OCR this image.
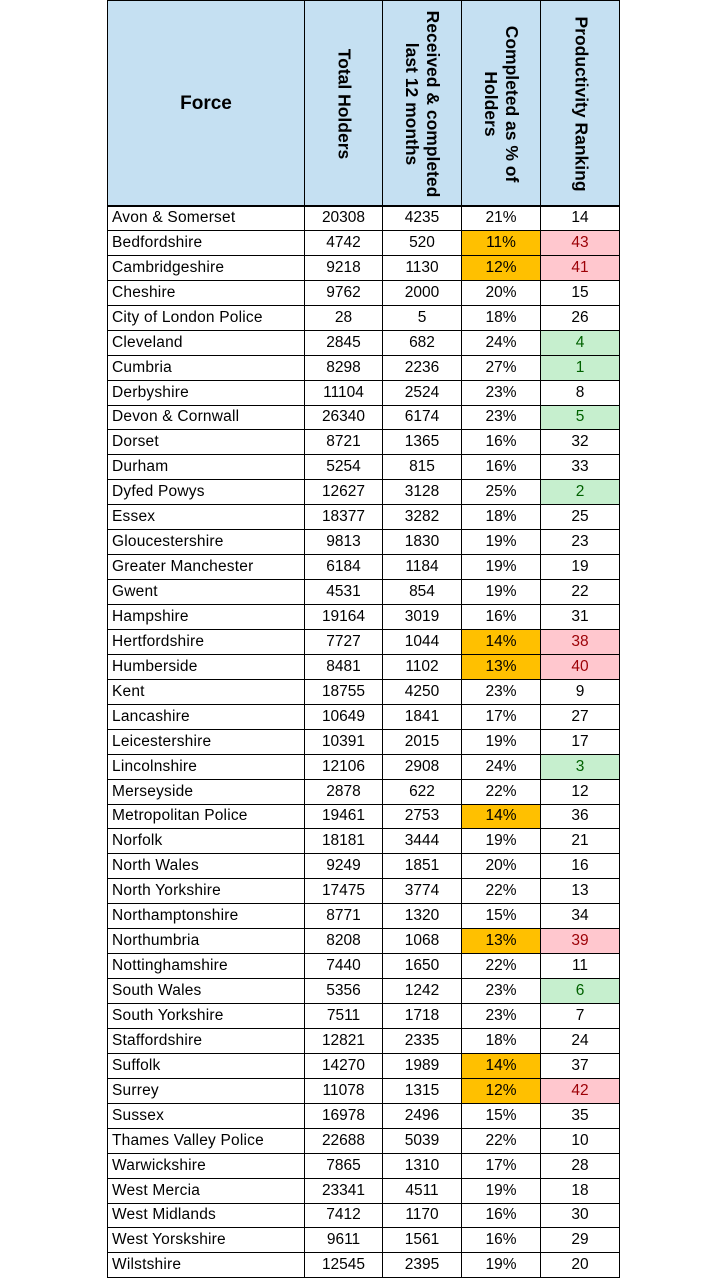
Force	Total Holders	Received & completed last 12 months	Completed as % of Holders	Productivity Ranking
Avon & Somerset	20308	4235	21%	14
Bedfordshire	4742	520	11%	43
Cambridgeshire	9218	1130	12%	41
Cheshire	9762	2000	20%	15
City of London Police	28	5	18%	26
Cleveland	2845	682	24%	4
Cumbria	8298	2236	27%	1
Derbyshire	11104	2524	23%	8
Devon & Cornwall	26340	6174	23%	5
Dorset	8721	1365	16%	32
Durham	5254	815	16%	33
Dyfed Powys	12627	3128	25%	2
Essex	18377	3282	18%	25
Gloucestershire	9813	1830	19%	23
Greater Manchester	6184	1184	19%	19
Gwent	4531	854	19%	22
Hampshire	19164	3019	16%	31
Hertfordshire	7727	1044	14%	38
Humberside	8481	1102	13%	40
Kent	18755	4250	23%	9
Lancashire	10649	1841	17%	27
Leicestershire	10391	2015	19%	17
Lincolnshire	12106	2908	24%	3
Merseyside	2878	622	22%	12
Metropolitan Police	19461	2753	14%	36
Norfolk	18181	3444	19%	21
North Wales	9249	1851	20%	16
North Yorkshire	17475	3774	22%	13
Northamptonshire	8771	1320	15%	34
Northumbria	8208	1068	13%	39
Nottinghamshire	7440	1650	22%	11
South Wales	5356	1242	23%	6
South Yorkshire	7511	1718	23%	7
Staffordshire	12821	2335	18%	24
Suffolk	14270	1989	14%	37
Surrey	11078	1315	12%	42
Sussex	16978	2496	15%	35
Thames Valley Police	22688	5039	22%	10
Warwickshire	7865	1310	17%	28
West Mercia	23341	4511	19%	18
West Midlands	7412	1170	16%	30
West Yorskshire	9611	1561	16%	29
Wilstshire	12545	2395	19%	20
